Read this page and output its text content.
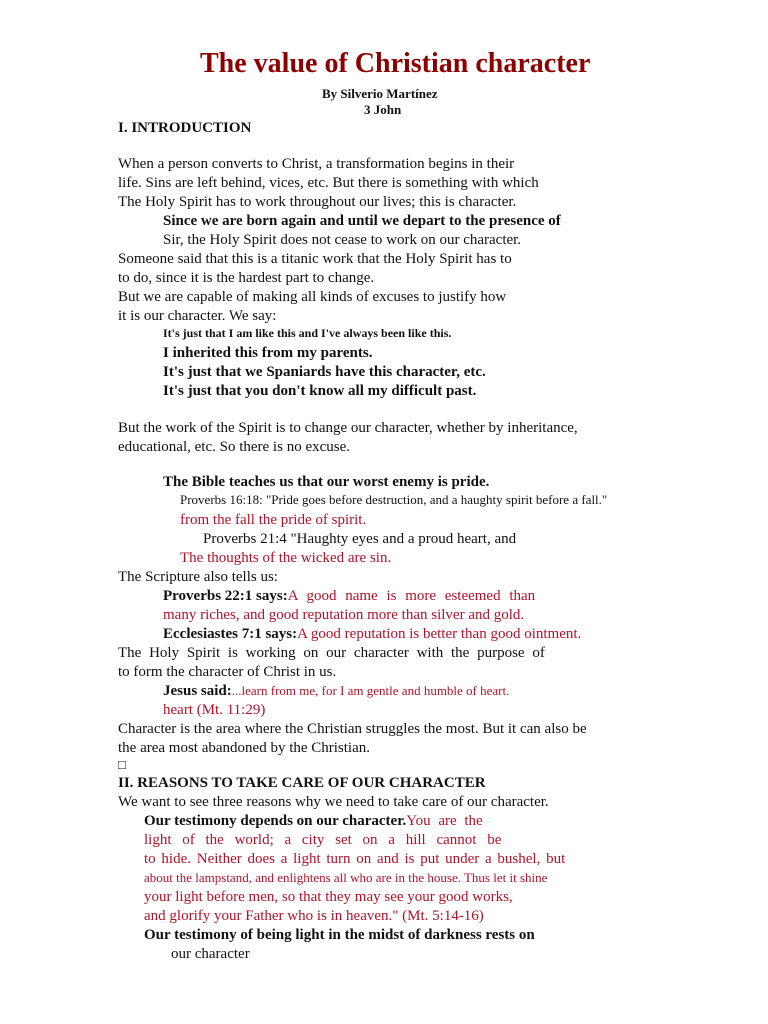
The value of Christian character
By Silverio Martínez
3 John
I. INTRODUCTION
When a person converts to Christ, a transformation begins in their
life. Sins are left behind, vices, etc. But there is something with which
The Holy Spirit has to work throughout our lives; this is character.
Since we are born again and until we depart to the presence of
Sir, the Holy Spirit does not cease to work on our character.
Someone said that this is a titanic work that the Holy Spirit has to
to do, since it is the hardest part to change.
But we are capable of making all kinds of excuses to justify how
it is our character. We say:
It's just that I am like this and I've always been like this.
I inherited this from my parents.
It's just that we Spaniards have this character, etc.
It's just that you don't know all my difficult past.
But the work of the Spirit is to change our character, whether by inheritance,
educational, etc. So there is no excuse.
The Bible teaches us that our worst enemy is pride.
Proverbs 16:18: "Pride goes before destruction, and a haughty spirit before a fall."
from the fall the pride of spirit.
Proverbs 21:4 "Haughty eyes and a proud heart, and
The thoughts of the wicked are sin.
The Scripture also tells us:
Proverbs 22:1 says:A good name is more esteemed than
many riches, and good reputation more than silver and gold.
Ecclesiastes 7:1 says:A good reputation is better than good ointment.
The Holy Spirit is working on our character with the purpose of
to form the character of Christ in us.
Jesus said:...learn from me, for I am gentle and humble of heart.
heart (Mt. 11:29)
Character is the area where the Christian struggles the most. But it can also be
the area most abandoned by the Christian.
□
II. REASONS TO TAKE CARE OF OUR CHARACTER
We want to see three reasons why we need to take care of our character.
Our testimony depends on our character.You are the
light of the world; a city set on a hill cannot be
to hide. Neither does a light turn on and is put under a bushel, but
about the lampstand, and enlightens all who are in the house. Thus let it shine
your light before men, so that they may see your good works,
and glorify your Father who is in heaven." (Mt. 5:14-16)
Our testimony of being light in the midst of darkness rests on
our character
